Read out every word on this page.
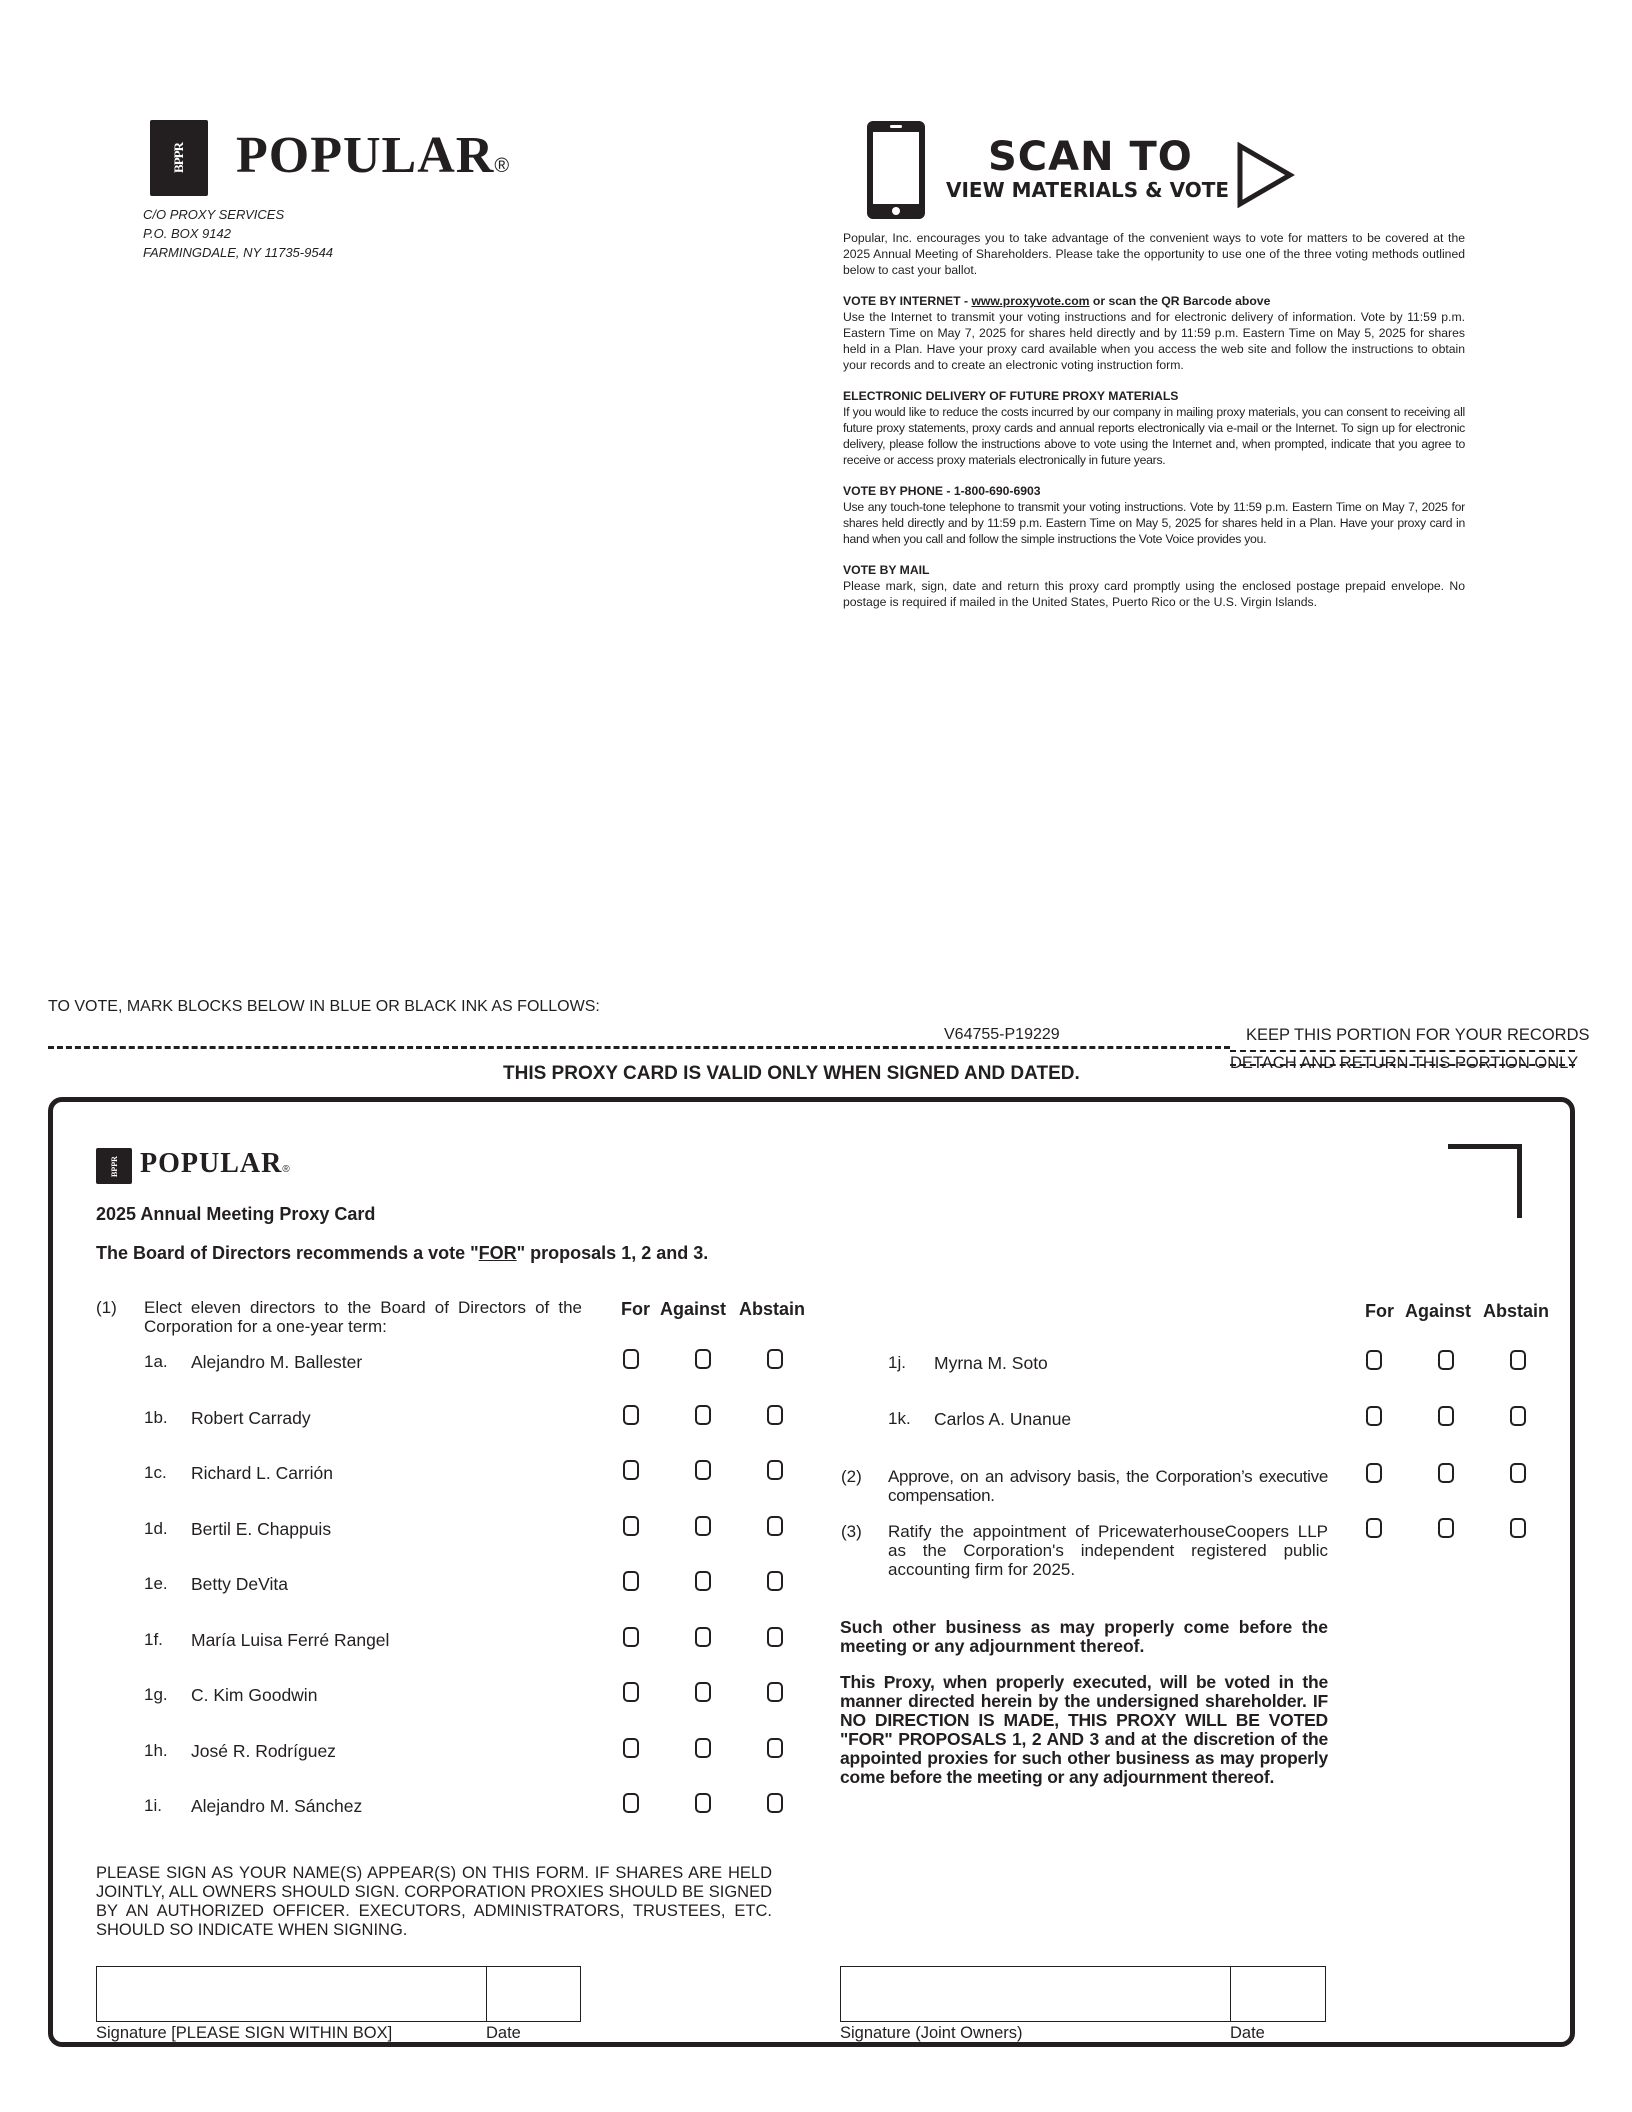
BPPR POPULAR®
C/O PROXY SERVICES
P.O. BOX 9142
FARMINGDALE, NY 11735-9544
SCAN TO
VIEW MATERIALS & VOTE

Popular, Inc. encourages you to take advantage of the convenient ways to vote for matters to be covered at the 2025 Annual Meeting of Shareholders. Please take the opportunity to use one of the three voting methods outlined below to cast your ballot.

VOTE BY INTERNET - www.proxyvote.com or scan the QR Barcode above
Use the Internet to transmit your voting instructions and for electronic delivery of information. Vote by 11:59 p.m. Eastern Time on May 7, 2025 for shares held directly and by 11:59 p.m. Eastern Time on May 5, 2025 for shares held in a Plan. Have your proxy card available when you access the web site and follow the instructions to obtain your records and to create an electronic voting instruction form.

ELECTRONIC DELIVERY OF FUTURE PROXY MATERIALS
If you would like to reduce the costs incurred by our company in mailing proxy materials, you can consent to receiving all future proxy statements, proxy cards and annual reports electronically via e-mail or the Internet. To sign up for electronic delivery, please follow the instructions above to vote using the Internet and, when prompted, indicate that you agree to receive or access proxy materials electronically in future years.

VOTE BY PHONE - 1-800-690-6903
Use any touch-tone telephone to transmit your voting instructions. Vote by 11:59 p.m. Eastern Time on May 7, 2025 for shares held directly and by 11:59 p.m. Eastern Time on May 5, 2025 for shares held in a Plan. Have your proxy card in hand when you call and follow the simple instructions the Vote Voice provides you.

VOTE BY MAIL
Please mark, sign, date and return this proxy card promptly using the enclosed postage prepaid envelope. No postage is required if mailed in the United States, Puerto Rico or the U.S. Virgin Islands.

TO VOTE, MARK BLOCKS BELOW IN BLUE OR BLACK INK AS FOLLOWS:
V64755-P19229	KEEP THIS PORTION FOR YOUR RECORDS
DETACH AND RETURN THIS PORTION ONLY
THIS PROXY CARD IS VALID ONLY WHEN SIGNED AND DATED.
BPPR POPULAR®
2025 Annual Meeting Proxy Card
The Board of Directors recommends a vote "FOR" proposals 1, 2 and 3.
For Against Abstain	For Against Abstain
(1) Elect eleven directors to the Board of Directors of the Corporation for a one-year term:
1a. Alejandro M. Ballester
1b. Robert Carrady
1c. Richard L. Carrión
1d. Bertil E. Chappuis
1e. Betty DeVita
1f. María Luisa Ferré Rangel
1g. C. Kim Goodwin
1h. José R. Rodríguez
1i. Alejandro M. Sánchez
1j. Myrna M. Soto
1k. Carlos A. Unanue
(2) Approve, on an advisory basis, the Corporation’s executive compensation.
(3) Ratify the appointment of PricewaterhouseCoopers LLP as the Corporation's independent registered public accounting firm for 2025.
Such other business as may properly come before the meeting or any adjournment thereof.
This Proxy, when properly executed, will be voted in the manner directed herein by the undersigned shareholder. IF NO DIRECTION IS MADE, THIS PROXY WILL BE VOTED "FOR" PROPOSALS 1, 2 AND 3 and at the discretion of the appointed proxies for such other business as may properly come before the meeting or any adjournment thereof.
PLEASE SIGN AS YOUR NAME(S) APPEAR(S) ON THIS FORM. IF SHARES ARE HELD JOINTLY, ALL OWNERS SHOULD SIGN. CORPORATION PROXIES SHOULD BE SIGNED BY AN AUTHORIZED OFFICER. EXECUTORS, ADMINISTRATORS, TRUSTEES, ETC. SHOULD SO INDICATE WHEN SIGNING.
Signature [PLEASE SIGN WITHIN BOX]	Date	Signature (Joint Owners)	Date
